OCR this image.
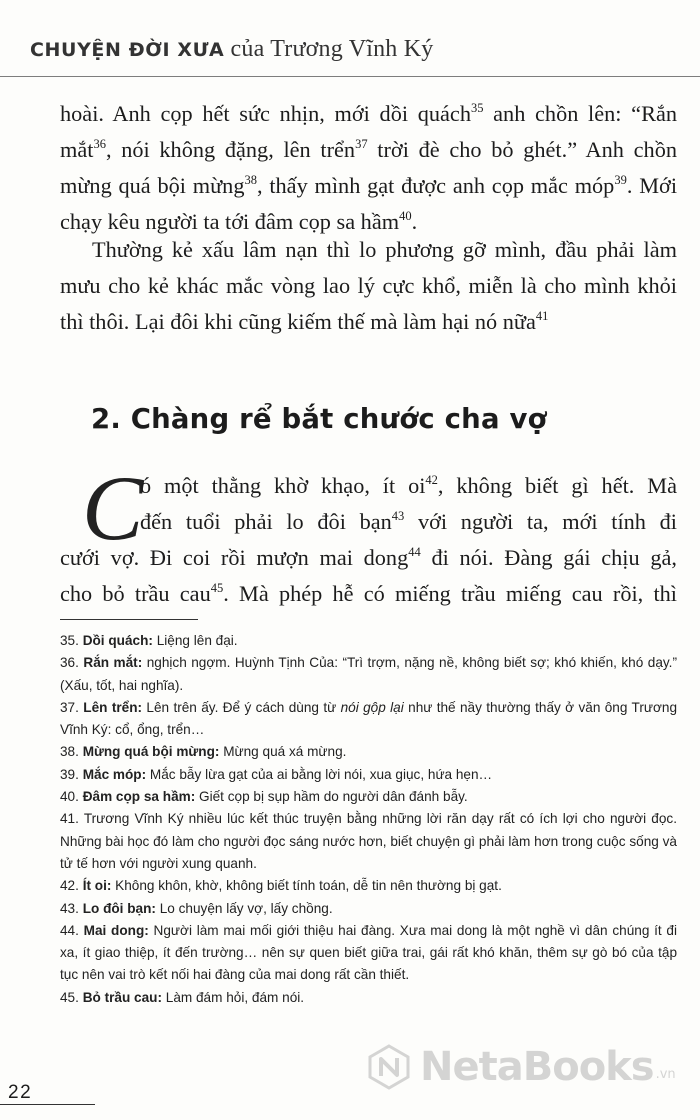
CHUYỆN ĐỜI XƯA của Trương Vĩnh Ký

hoài. Anh cọp hết sức nhịn, mới dồi quách$^{35}$ anh chồn lên: “Rắn mắt$^{36}$, nói không đặng, lên trển$^{37}$ trời đè cho bỏ ghét.” Anh chồn mừng quá bội mừng$^{38}$, thấy mình gạt được anh cọp mắc móp$^{39}$. Mới chạy kêu người ta tới đâm cọp sa hầm$^{40}$.

Thường kẻ xấu lâm nạn thì lo phương gỡ mình, đầu phải làm mưu cho kẻ khác mắc vòng lao lý cực khổ, miễn là cho mình khỏi thì thôi. Lại đôi khi cũng kiếm thế mà làm hại nó nữa$^{41}$

2. Chàng rể bắt chước cha vợ
C
ó một thằng khờ khạo, ít $oi^{42}$, không biết gì hết. Mà
đến tuổi phải lo đôi bạn$^{43}$ với người ta, mới tính đi
cưới vợ. Đi coi rồi mượn mai dong$^{44}$ đi nói. Đàng gái chịu gả,
cho bỏ trầu cau$^{45}$. Mà phép hễ có miếng trầu miếng cau rồi, thì
35. Dồi quách: Liệng lên đại.
36. Rắn mắt: nghịch ngợm. Huỳnh Tịnh Của: “Trì trợm, nặng nề, không biết sợ; khó khiến, khó dạy.” (Xấu, tốt, hai nghĩa).
37. Lên trển: Lên trên ấy. Để ý cách dùng từ nói gộp lại như thế nầy thường thấy ở văn ông Trương Vĩnh Ký: cổ, ổng, trển…
38. Mừng quá bội mừng: Mừng quá xá mừng.
39. Mắc móp: Mắc bẫy lừa gạt của ai bằng lời nói, xua giục, hứa hẹn…
40. Đâm cọp sa hầm: Giết cọp bị sụp hầm do người dân đánh bẫy.
41. Trương Vĩnh Ký nhiều lúc kết thúc truyện bằng những lời răn dạy rất có ích lợi cho người đọc. Những bài học đó làm cho người đọc sáng nước hơn, biết chuyện gì phải làm hơn trong cuộc sống và tử tế hơn với người xung quanh.
42. Ít oi: Không khôn, khờ, không biết tính toán, dễ tin nên thường bị gạt.
43. Lo đôi bạn: Lo chuyện lấy vợ, lấy chồng.
44. Mai dong: Người làm mai mối giới thiệu hai đàng. Xưa mai dong là một nghề vì dân chúng ít đi xa, ít giao thiệp, ít đến trường… nên sự quen biết giữa trai, gái rất khó khăn, thêm sự gò bó của tập tục nên vai trò kết nối hai đàng của mai dong rất cần thiết.
45. Bỏ trầu cau: Làm đám hỏi, đám nói.
22
NetaBooks .vn
